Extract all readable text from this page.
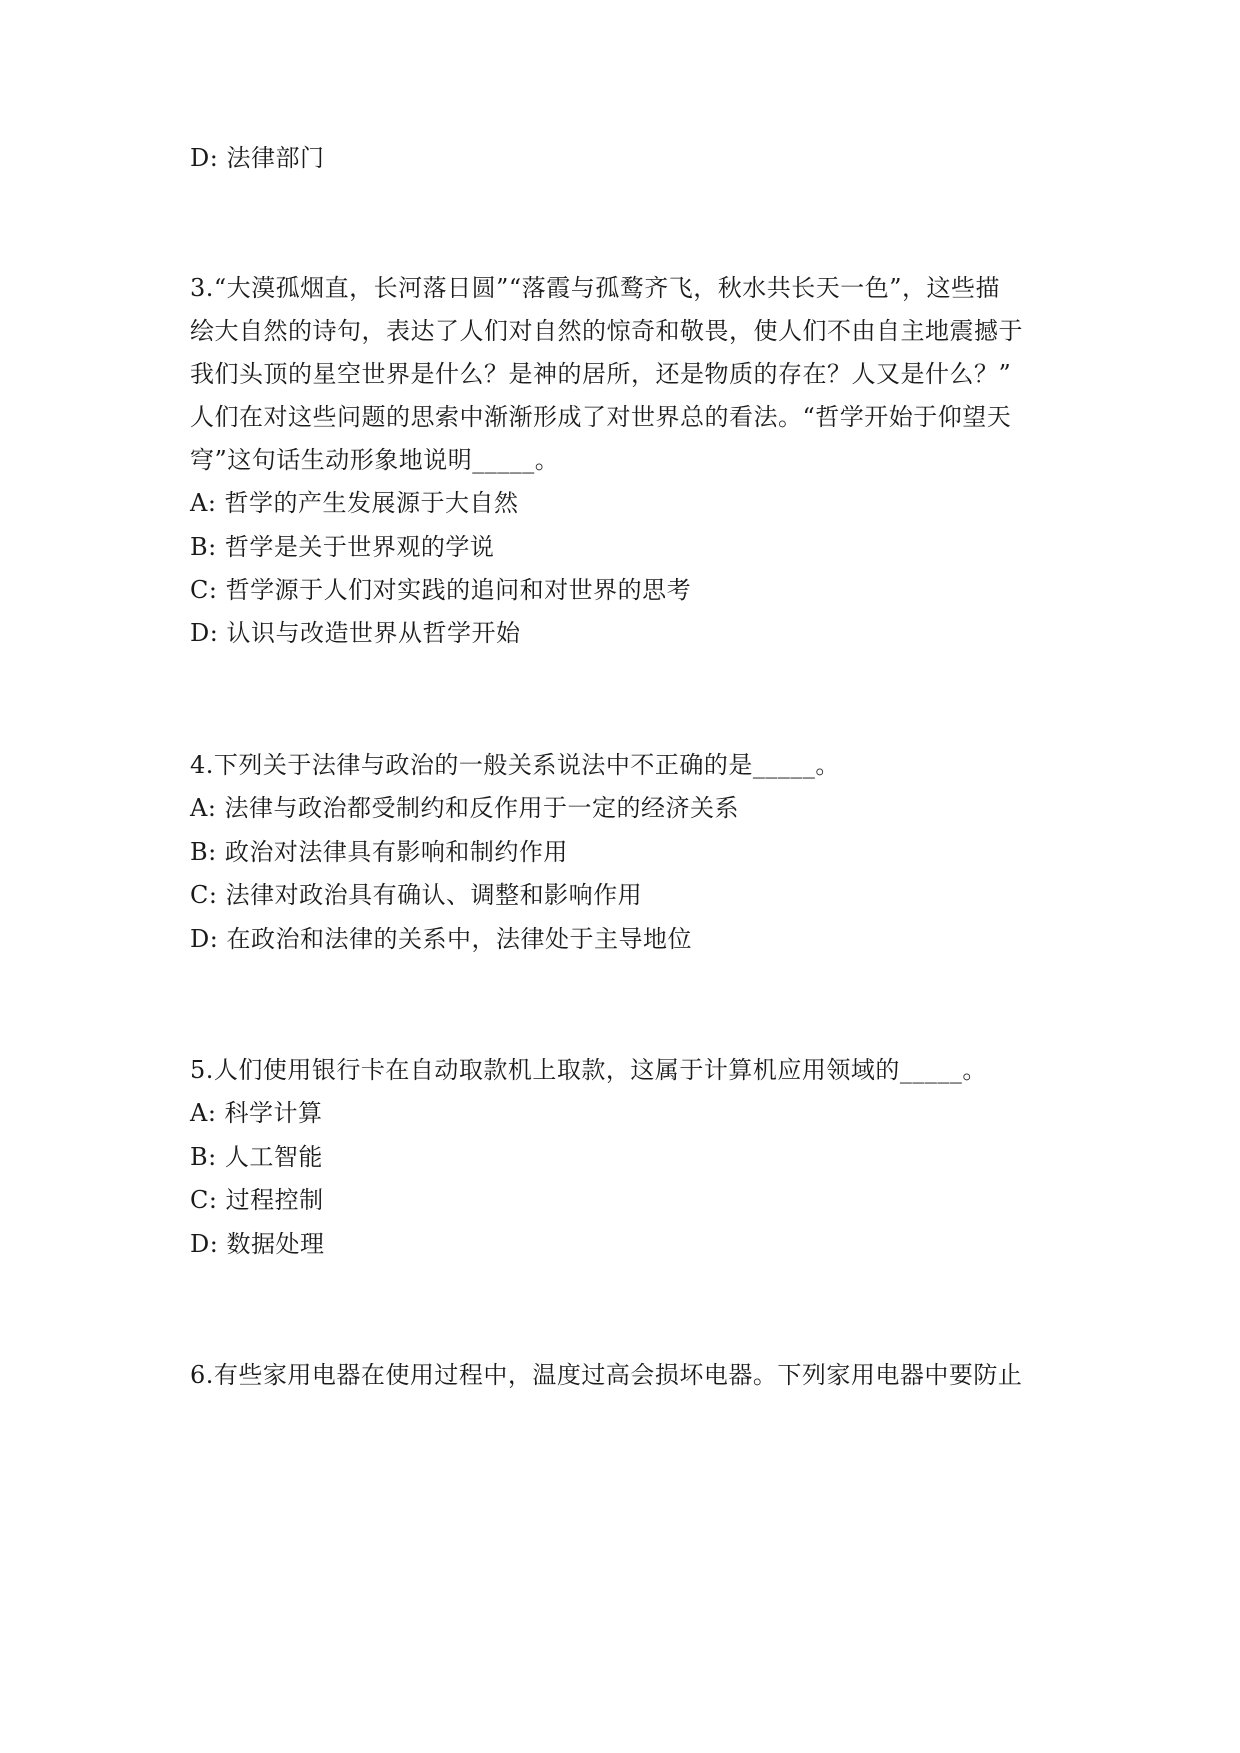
D: 法律部门
3.“大漠孤烟直，长河落日圆”“落霞与孤鹜齐飞，秋水共长天一色”，这些描
绘大自然的诗句，表达了人们对自然的惊奇和敬畏，使人们不由自主地震撼于
我们头顶的星空世界是什么？是神的居所，还是物质的存在？人又是什么？”
人们在对这些问题的思索中渐渐形成了对世界总的看法。“哲学开始于仰望天
穹”这句话生动形象地说明_____。
A: 哲学的产生发展源于大自然
B: 哲学是关于世界观的学说
C: 哲学源于人们对实践的追问和对世界的思考
D: 认识与改造世界从哲学开始
4.下列关于法律与政治的一般关系说法中不正确的是_____。
A: 法律与政治都受制约和反作用于一定的经济关系
B: 政治对法律具有影响和制约作用
C: 法律对政治具有确认、调整和影响作用
D: 在政治和法律的关系中，法律处于主导地位
5.人们使用银行卡在自动取款机上取款，这属于计算机应用领域的_____。
A: 科学计算
B: 人工智能
C: 过程控制
D: 数据处理
6.有些家用电器在使用过程中，温度过高会损坏电器。下列家用电器中要防止
